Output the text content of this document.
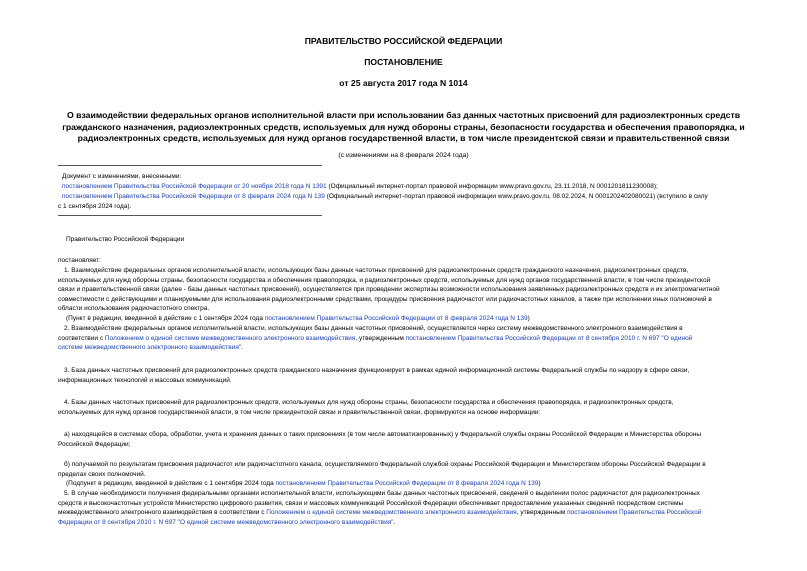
ПРАВИТЕЛЬСТВО РОССИЙСКОЙ ФЕДЕРАЦИИ
ПОСТАНОВЛЕНИЕ
от 25 августа 2017 года N 1014
О взаимодействии федеральных органов исполнительной власти при использовании баз данных частотных присвоений для радиоэлектронных средств
гражданского назначения, радиоэлектронных средств, используемых для нужд обороны страны, безопасности государства и обеспечения правопорядка, и
радиоэлектронных средств, используемых для нужд органов государственной власти, в том числе президентской связи и правительственной связи
(с изменениями на 8 февраля 2024 года)
Документ с изменениями, внесенными:
постановлением Правительства Российской Федерации от 20 ноября 2018 года N 1391 (Официальный интернет-портал правовой информации www.pravo.gov.ru, 23.11.2018, N 0001201811230008);
постановлением Правительства Российской Федерации от 8 февраля 2024 года N 139 (Официальный интернет-портал правовой информации www.pravo.gov.ru, 08.02.2024, N 0001202402080021) (вступило в силу
с 1 сентября 2024 года).
Правительство Российской Федерации
постановляет:
1. Взаимодействие федеральных органов исполнительной власти, использующих базы данных частотных присвоений для радиоэлектронных средств гражданского назначения, радиоэлектронных средств,
используемых для нужд обороны страны, безопасности государства и обеспечения правопорядка, и радиоэлектронных средств, используемых для нужд органов государственной власти, в том числе президентской
связи и правительственной связи (далее - базы данных частотных присвоений), осуществляется при проведении экспертизы возможности использования заявленных радиоэлектронных средств и их электромагнитной
совместимости с действующими и планируемыми для использования радиоэлектронными средствами, процедуры присвоения радиочастот или радиочастотных каналов, а также при исполнении иных полномочий в
области использования радиочастотного спектра.
(Пункт в редакции, введенной в действие с 1 сентября 2024 года постановлением Правительства Российской Федерации от 8 февраля 2024 года N 139)
2. Взаимодействие федеральных органов исполнительной власти, использующих базы данных частотных присвоений, осуществляется через систему межведомственного электронного взаимодействия в
соответствии с Положением о единой системе межведомственного электронного взаимодействия, утвержденным постановлением Правительства Российской Федерации от 8 сентября 2010 г. N 697 "О единой
системе межведомственного электронного взаимодействия".
3. База данных частотных присвоений для радиоэлектронных средств гражданского назначения функционирует в рамках единой информационной системы Федеральной службы по надзору в сфере связи,
информационных технологий и массовых коммуникаций.
4. Базы данных частотных присвоений для радиоэлектронных средств, используемых для нужд обороны страны, безопасности государства и обеспечения правопорядка, и радиоэлектронных средств,
используемых для нужд органов государственной власти, в том числе президентской связи и правительственной связи, формируются на основе информации:
а) находящейся в системах сбора, обработки, учета и хранения данных о таких присвоениях (в том числе автоматизированных) у Федеральной службы охраны Российской Федерации и Министерства обороны
Российской Федерации;
б) получаемой по результатам присвоения радиочастот или радиочастотного канала, осуществляемого Федеральной службой охраны Российской Федерации и Министерством обороны Российской Федерации в
пределах своих полномочий.
(Подпункт в редакции, введенной в действие с 1 сентября 2024 года постановлением Правительства Российской Федерации от 8 февраля 2024 года N 139)
5. В случае необходимости получения федеральными органами исполнительной власти, использующими базы данных частотных присвоений, сведений о выделении полос радиочастот для радиоэлектронных
средств и высокочастотных устройств Министерство цифрового развития, связи и массовых коммуникаций Российской Федерации обеспечивает предоставление указанных сведений посредством системы
межведомственного электронного взаимодействия в соответствии с Положением о единой системе межведомственного электронного взаимодействия, утвержденным постановлением Правительства Российской
Федерации от 8 сентября 2010 г. N 697 "О единой системе межведомственного электронного взаимодействия".
